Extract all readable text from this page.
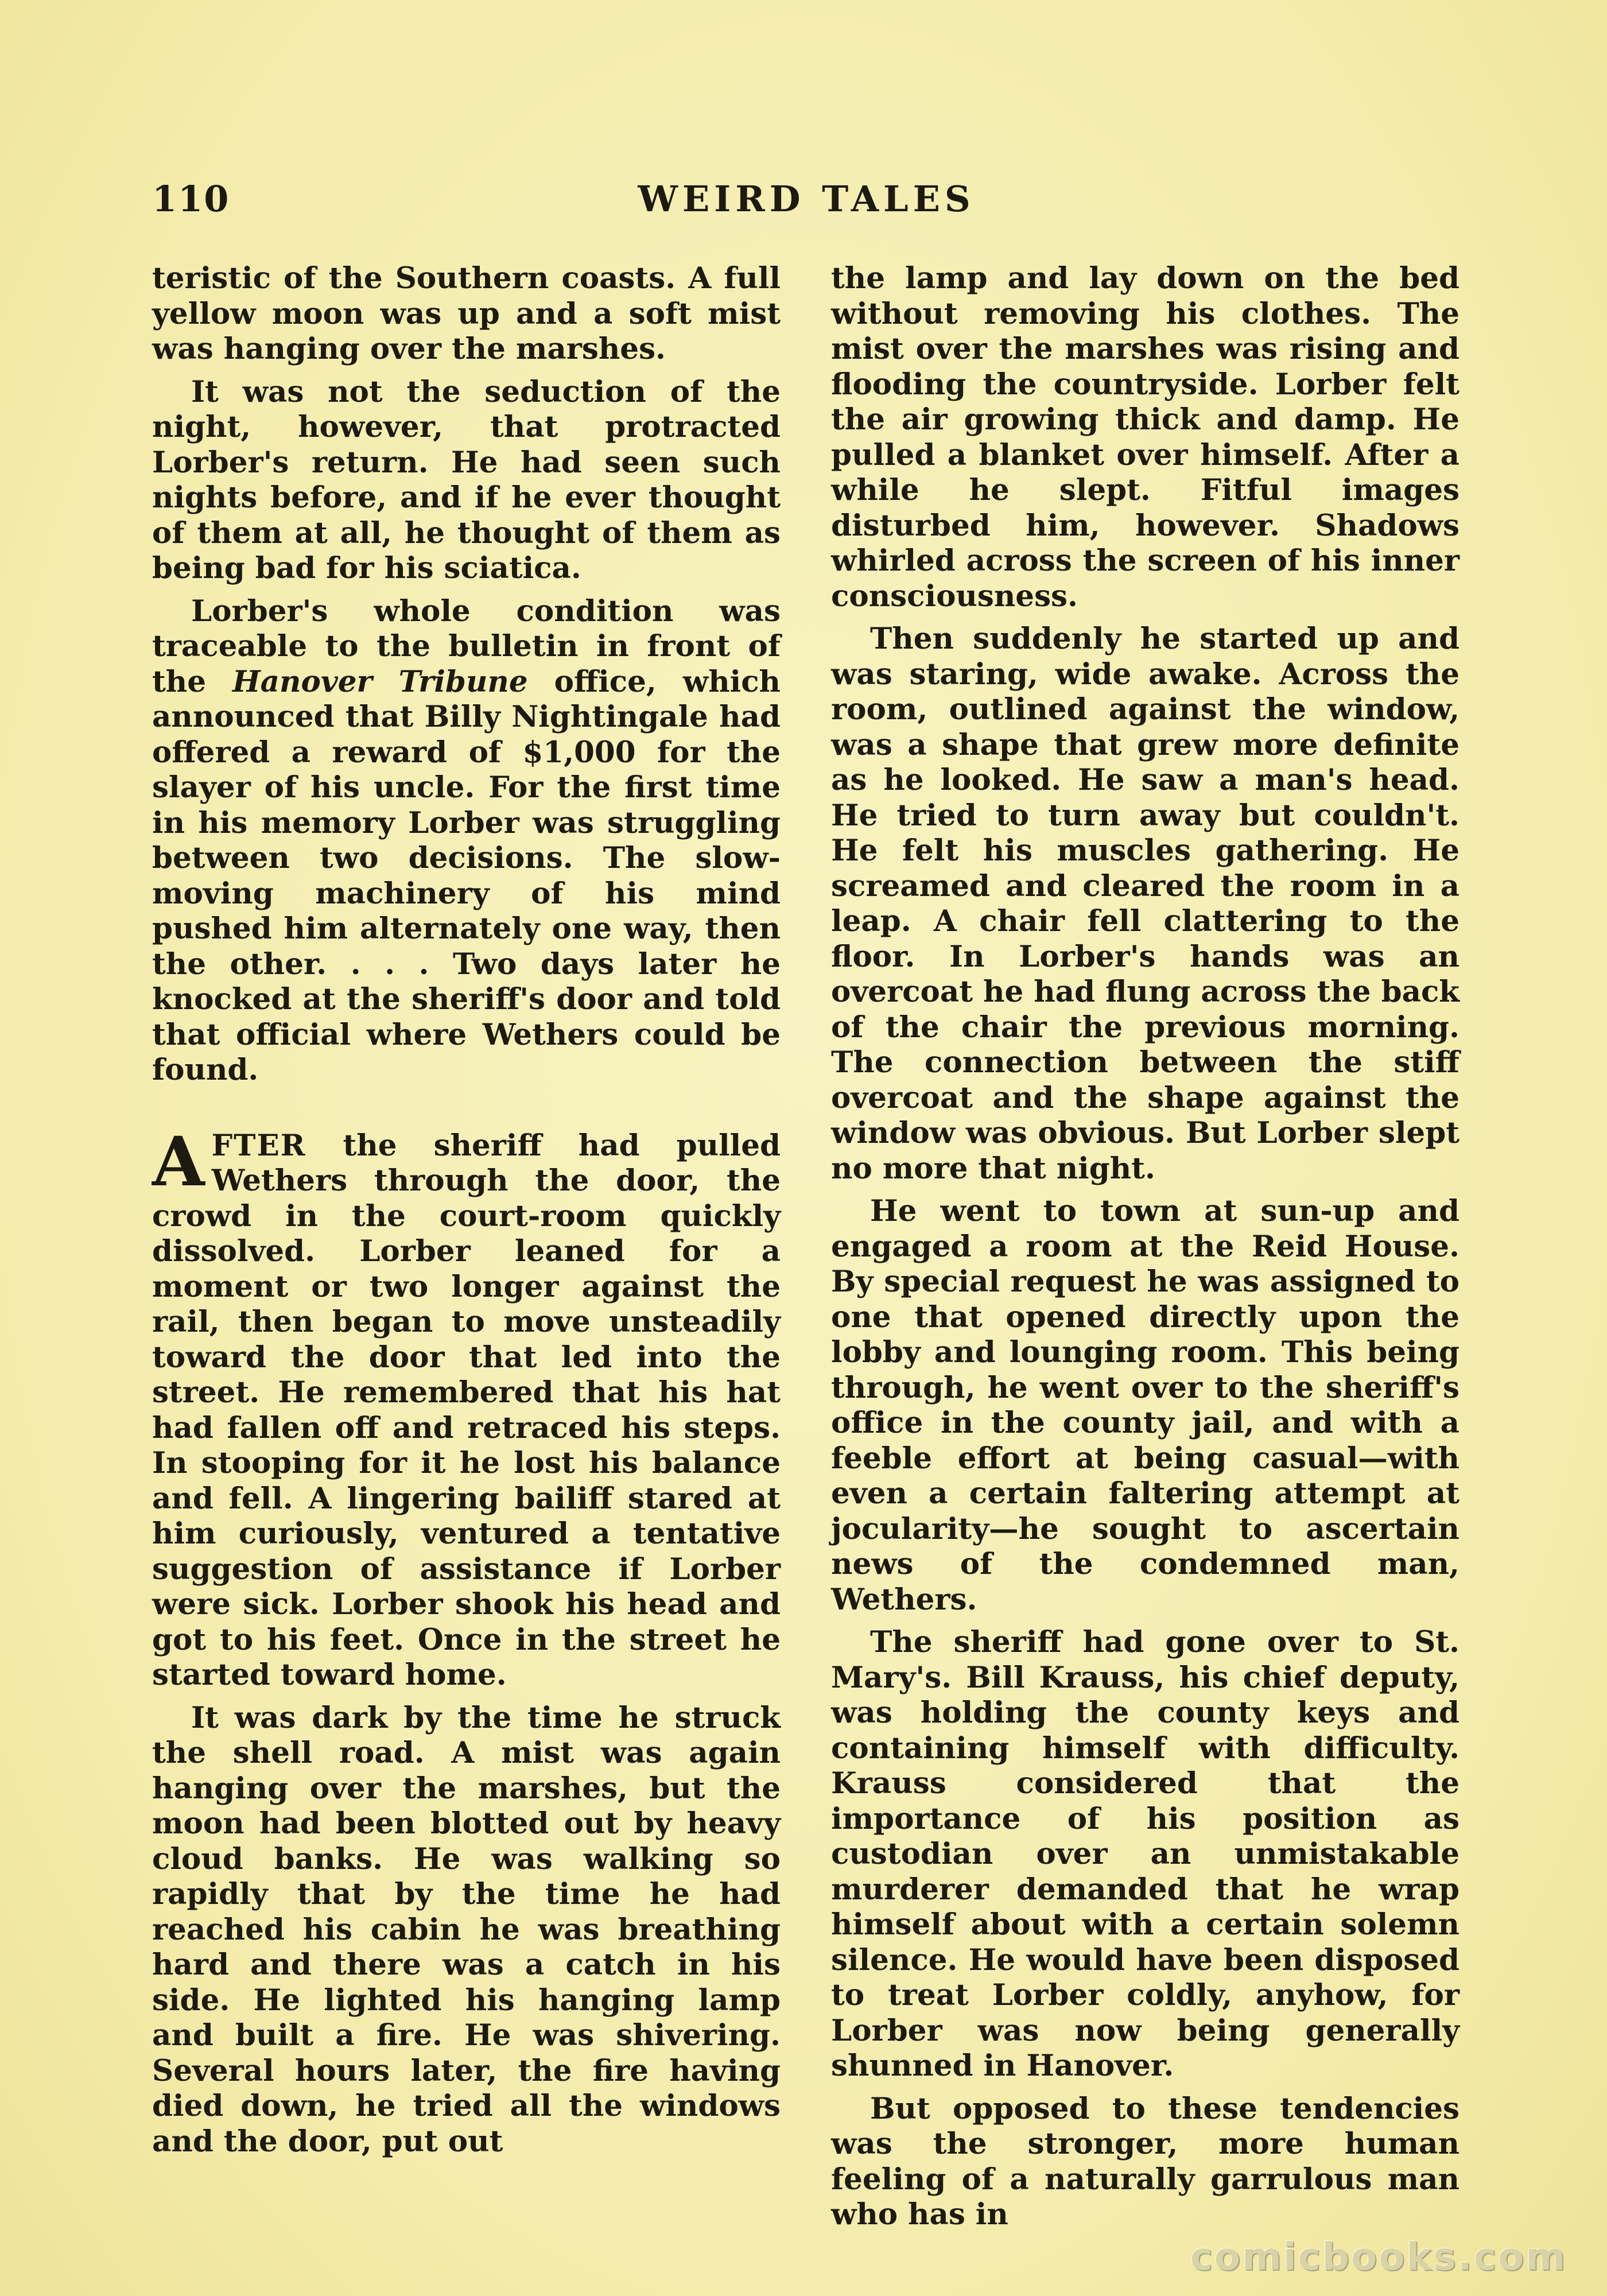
110	WEIRD TALES

teristic of the Southern coasts. A full yellow moon was up and a soft mist was hanging over the marshes.

It was not the seduction of the night, however, that protracted Lorber's return. He had seen such nights before, and if he ever thought of them at all, he thought of them as being bad for his sciatica.

Lorber's whole condition was traceable to the bulletin in front of the Hanover Tribune office, which announced that Billy Nightingale had offered a reward of $1,000 for the slayer of his uncle. For the first time in his memory Lorber was struggling between two decisions. The slow-moving machinery of his mind pushed him alternately one way, then the other. . . . Two days later he knocked at the sheriff's door and told that official where Wethers could be found.

AFTER the sheriff had pulled Wethers through the door, the crowd in the court-room quickly dissolved. Lorber leaned for a moment or two longer against the rail, then began to move unsteadily toward the door that led into the street. He remembered that his hat had fallen off and retraced his steps. In stooping for it he lost his balance and fell. A lingering bailiff stared at him curiously, ventured a tentative suggestion of assistance if Lorber were sick. Lorber shook his head and got to his feet. Once in the street he started toward home.

It was dark by the time he struck the shell road. A mist was again hanging over the marshes, but the moon had been blotted out by heavy cloud banks. He was walking so rapidly that by the time he had reached his cabin he was breathing hard and there was a catch in his side. He lighted his hanging lamp and built a fire. He was shivering. Several hours later, the fire having died down, he tried all the windows and the door, put out

the lamp and lay down on the bed without removing his clothes. The mist over the marshes was rising and flooding the countryside. Lorber felt the air growing thick and damp. He pulled a blanket over himself. After a while he slept. Fitful images disturbed him, however. Shadows whirled across the screen of his inner consciousness.

Then suddenly he started up and was staring, wide awake. Across the room, outlined against the window, was a shape that grew more definite as he looked. He saw a man's head. He tried to turn away but couldn't. He felt his muscles gathering. He screamed and cleared the room in a leap. A chair fell clattering to the floor. In Lorber's hands was an overcoat he had flung across the back of the chair the previous morning. The connection between the stiff overcoat and the shape against the window was obvious. But Lorber slept no more that night.

He went to town at sun-up and engaged a room at the Reid House. By special request he was assigned to one that opened directly upon the lobby and lounging room. This being through, he went over to the sheriff's office in the county jail, and with a feeble effort at being casual—with even a certain faltering attempt at jocularity—he sought to ascertain news of the condemned man, Wethers.

The sheriff had gone over to St. Mary's. Bill Krauss, his chief deputy, was holding the county keys and containing himself with difficulty. Krauss considered that the importance of his position as custodian over an unmistakable murderer demanded that he wrap himself about with a certain solemn silence. He would have been disposed to treat Lorber coldly, anyhow, for Lorber was now being generally shunned in Hanover.

But opposed to these tendencies was the stronger, more human feeling of a naturally garrulous man who has in

comicbooks.com
